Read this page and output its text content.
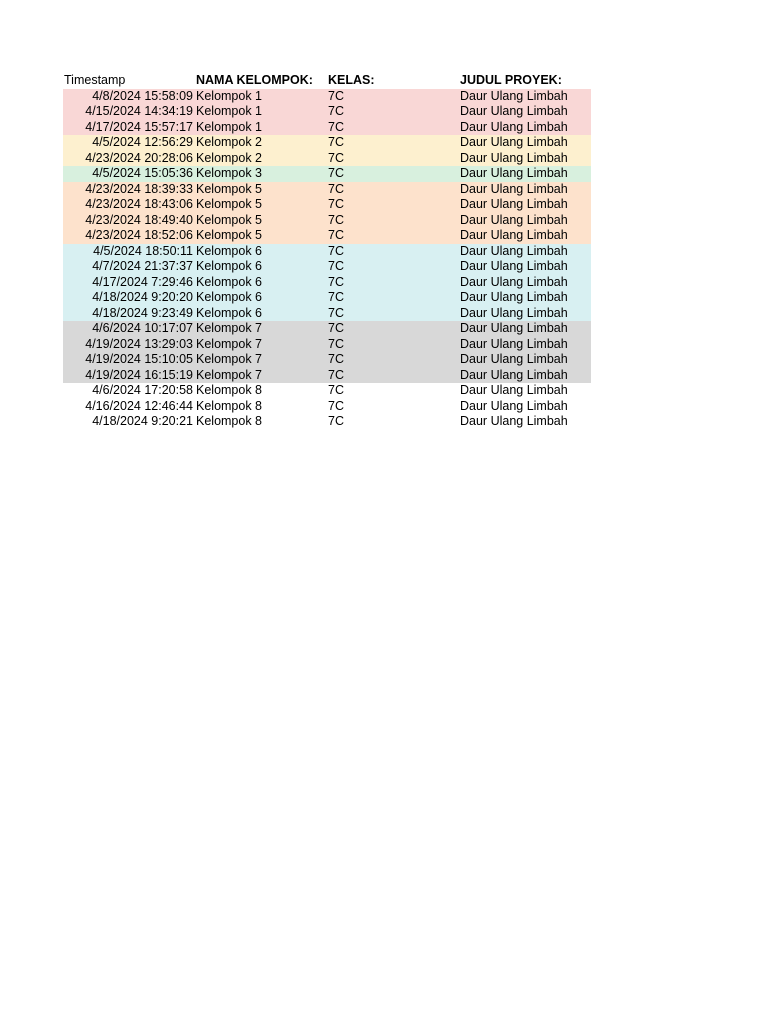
Timestamp	NAMA KELOMPOK:	KELAS:	JUDUL PROYEK:
4/8/2024 15:58:09 Kelompok 1	7C	Daur Ulang Limbah
4/15/2024 14:34:19 Kelompok 1	7C	Daur Ulang Limbah
4/17/2024 15:57:17 Kelompok 1	7C	Daur Ulang Limbah
4/5/2024 12:56:29 Kelompok 2	7C	Daur Ulang Limbah
4/23/2024 20:28:06 Kelompok 2	7C	Daur Ulang Limbah
4/5/2024 15:05:36 Kelompok 3	7C	Daur Ulang Limbah
4/23/2024 18:39:33 Kelompok 5	7C	Daur Ulang Limbah
4/23/2024 18:43:06 Kelompok 5	7C	Daur Ulang Limbah
4/23/2024 18:49:40 Kelompok 5	7C	Daur Ulang Limbah
4/23/2024 18:52:06 Kelompok 5	7C	Daur Ulang Limbah
4/5/2024 18:50:11 Kelompok 6	7C	Daur Ulang Limbah
4/7/2024 21:37:37 Kelompok 6	7C	Daur Ulang Limbah
4/17/2024 7:29:46 Kelompok 6	7C	Daur Ulang Limbah
4/18/2024 9:20:20 Kelompok 6	7C	Daur Ulang Limbah
4/18/2024 9:23:49 Kelompok 6	7C	Daur Ulang Limbah
4/6/2024 10:17:07 Kelompok 7	7C	Daur Ulang Limbah
4/19/2024 13:29:03 Kelompok 7	7C	Daur Ulang Limbah
4/19/2024 15:10:05 Kelompok 7	7C	Daur Ulang Limbah
4/19/2024 16:15:19 Kelompok 7	7C	Daur Ulang Limbah
4/6/2024 17:20:58 Kelompok 8	7C	Daur Ulang Limbah
4/16/2024 12:46:44 Kelompok 8	7C	Daur Ulang Limbah
4/18/2024 9:20:21 Kelompok 8	7C	Daur Ulang Limbah
